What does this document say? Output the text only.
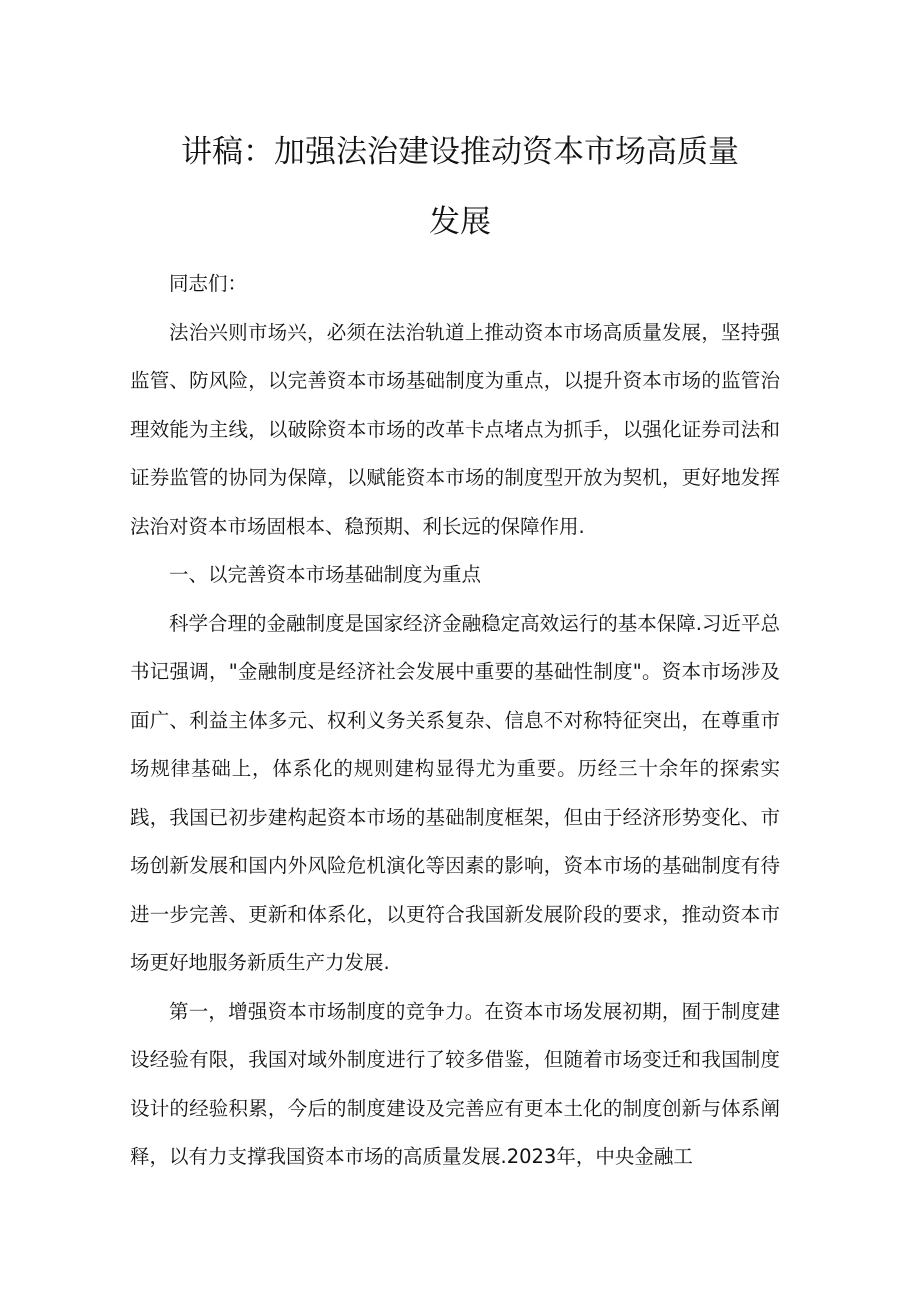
讲稿：加强法治建设推动资本市场高质量
发展

同志们：

法治兴则市场兴，必须在法治轨道上推动资本市场高质量发展，坚持强监管、防风险，以完善资本市场基础制度为重点，以提升资本市场的监管治理效能为主线，以破除资本市场的改革卡点堵点为抓手，以强化证券司法和证券监管的协同为保障，以赋能资本市场的制度型开放为契机，更好地发挥法治对资本市场固根本、稳预期、利长远的保障作用.

一、以完善资本市场基础制度为重点

科学合理的金融制度是国家经济金融稳定高效运行的基本保障.习近平总书记强调，"金融制度是经济社会发展中重要的基础性制度"。资本市场涉及面广、利益主体多元、权利义务关系复杂、信息不对称特征突出，在尊重市场规律基础上，体系化的规则建构显得尤为重要。历经三十余年的探索实践，我国已初步建构起资本市场的基础制度框架，但由于经济形势变化、市场创新发展和国内外风险危机演化等因素的影响，资本市场的基础制度有待进一步完善、更新和体系化，以更符合我国新发展阶段的要求，推动资本市场更好地服务新质生产力发展.

第一，增强资本市场制度的竞争力。在资本市场发展初期，囿于制度建设经验有限，我国对域外制度进行了较多借鉴，但随着市场变迁和我国制度设计的经验积累，今后的制度建设及完善应有更本土化的制度创新与体系阐释，以有力支撑我国资本市场的高质量发展.2023年，中央金融工
